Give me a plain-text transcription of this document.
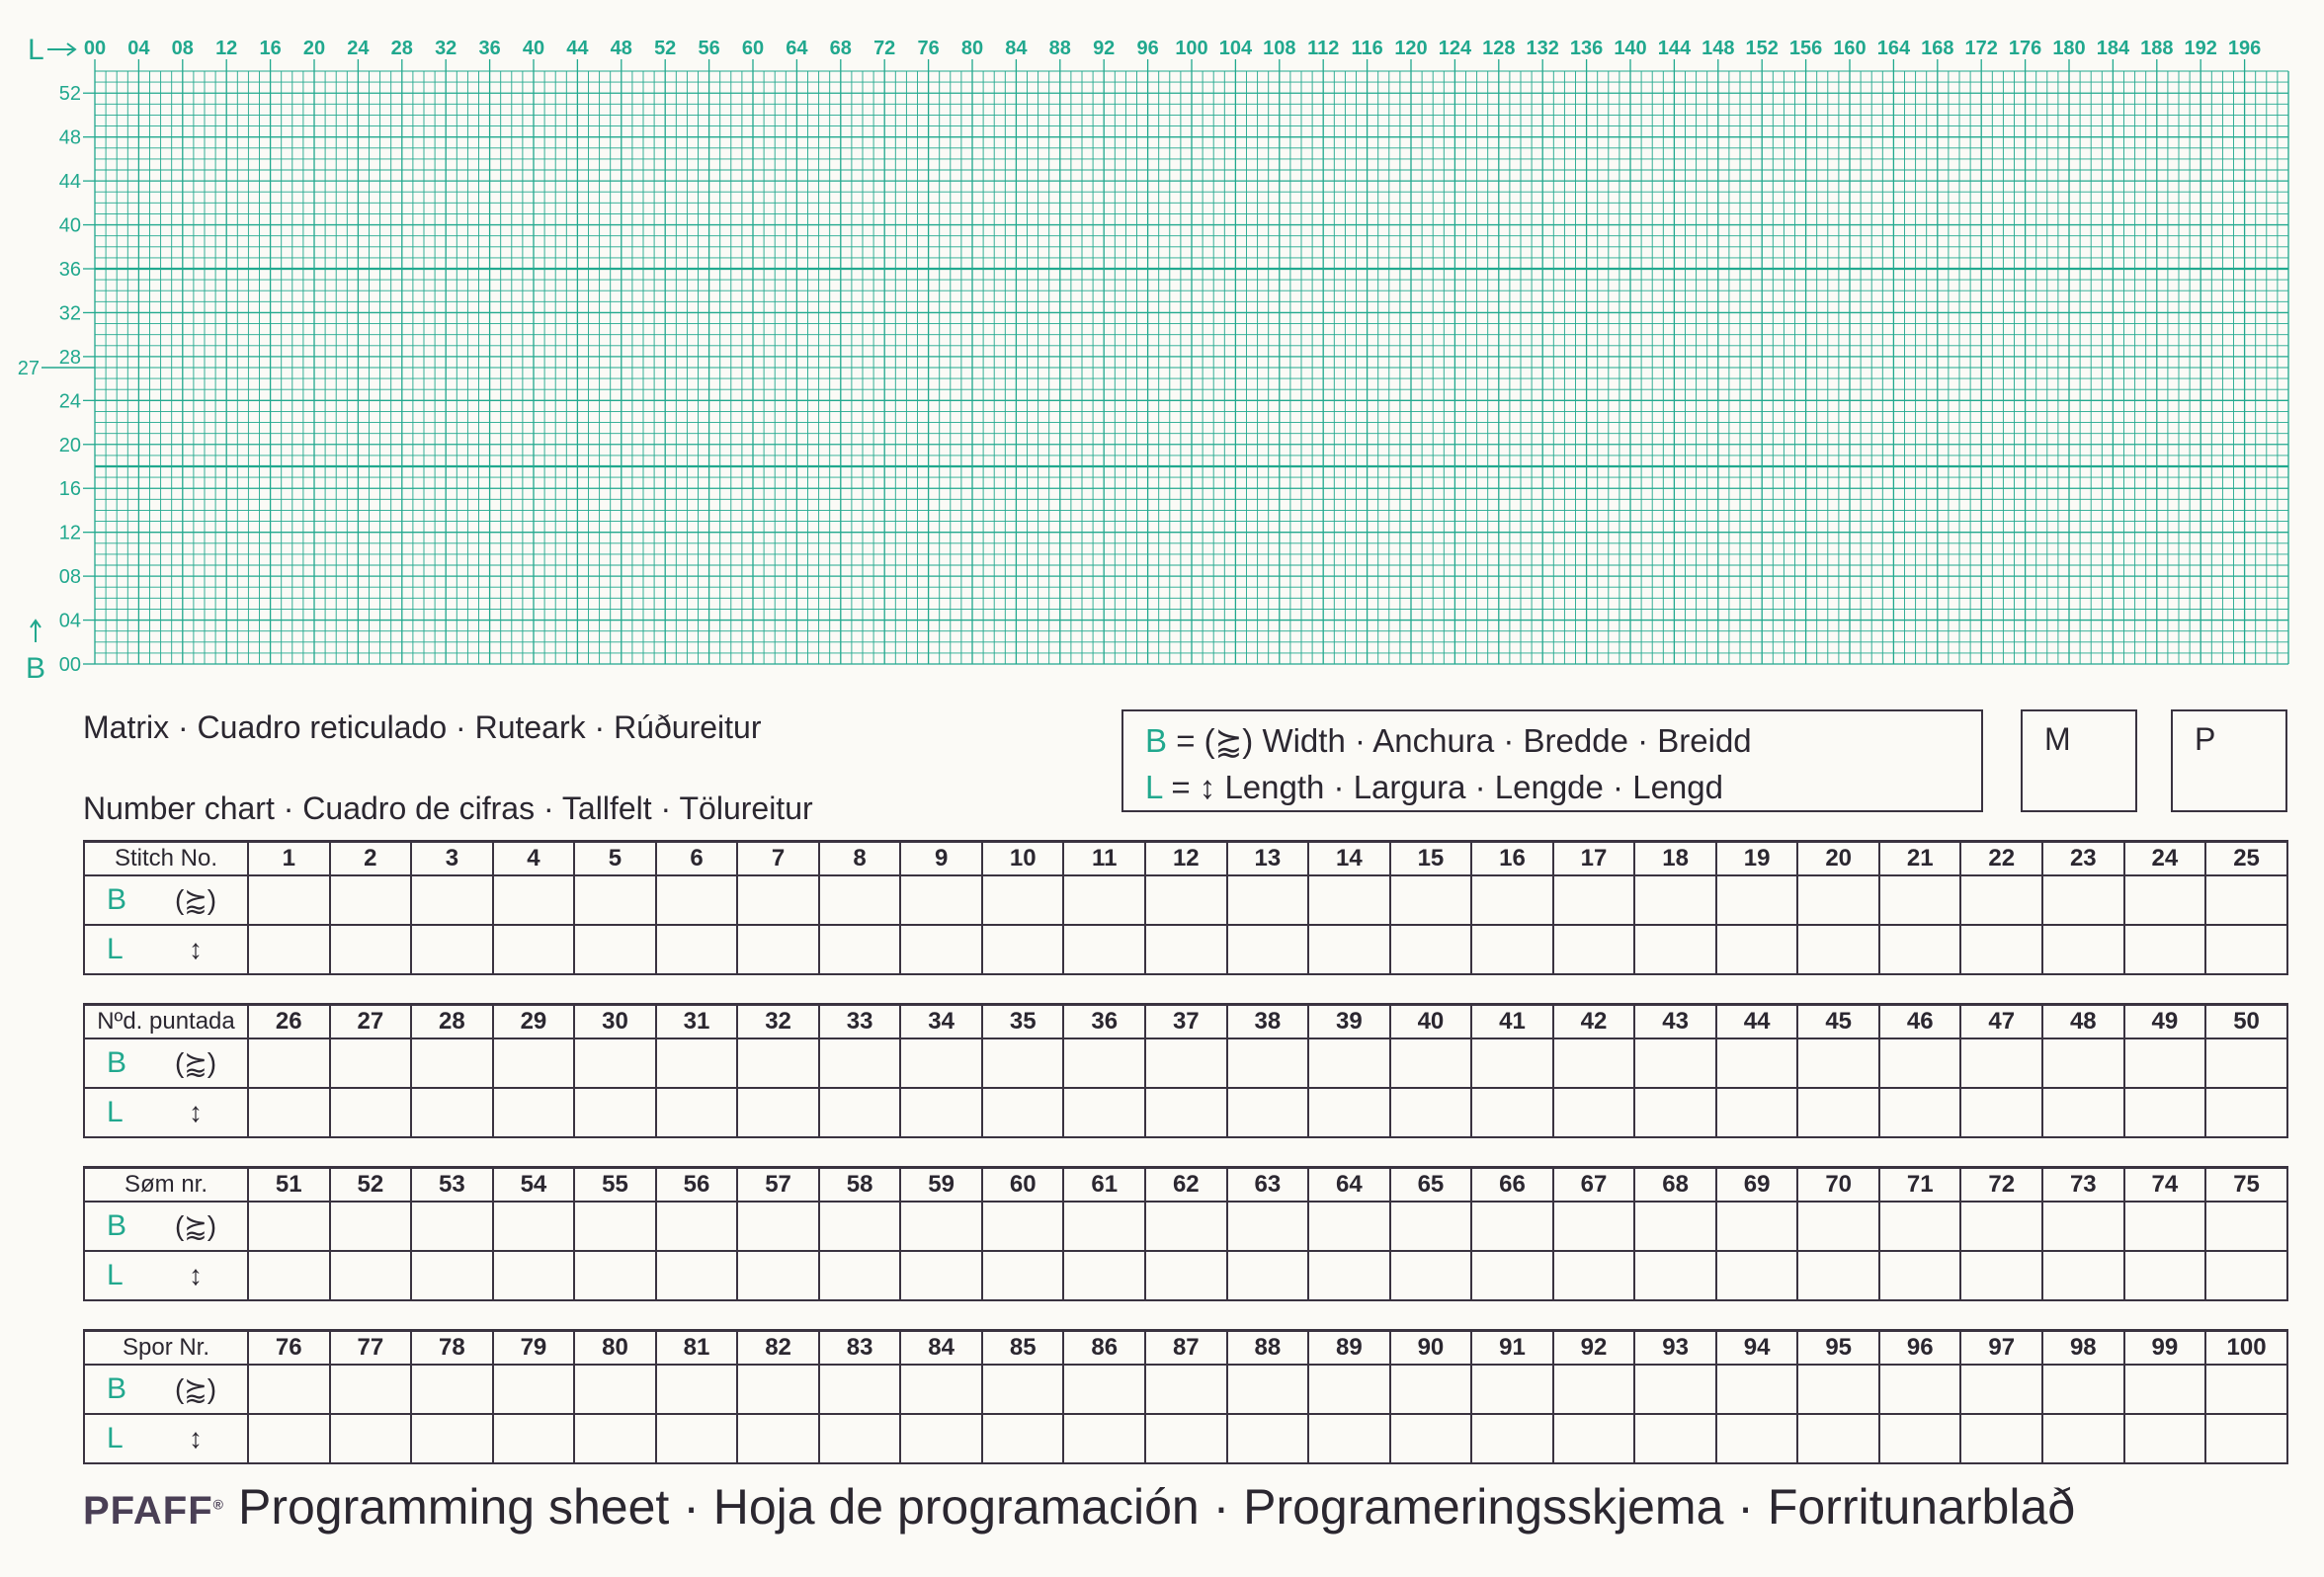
00 04 08 12 16 20 24 28 32 36 40 44 48 52 56 60 64 68 72 76 80 84 88 92 96 100 104 108 112 116 120 124 128 132 136 140 144 148 152 156 160 164 168 172 176 180 184 188 192 196
52
48
44
40
36
32
28
24
20
16
12
08
04
00
27
L
B
Matrix · Cuadro reticulado · Ruteark · Rúðureitur
Number chart · Cuadro de cifras · Tallfelt · Tölureitur
B = (⪸) Width · Anchura · Bredde · Breidd
L = ↕ Length · Largura · Lengde · Lengd
M	P
Stitch No.	1	2	3	4	5	6	7	8	9	10	11	12	13	14	15	16	17	18	19	20	21	22	23	24	25
B (⪸)																									
L ↕																									
Nºd. puntada	26	27	28	29	30	31	32	33	34	35	36	37	38	39	40	41	42	43	44	45	46	47	48	49	50
B (⪸)																									
L ↕																									
Søm nr.	51	52	53	54	55	56	57	58	59	60	61	62	63	64	65	66	67	68	69	70	71	72	73	74	75
B (⪸)																									
L ↕																									
Spor Nr.	76	77	78	79	80	81	82	83	84	85	86	87	88	89	90	91	92	93	94	95	96	97	98	99	100
B (⪸)																									
L ↕																									
PFAFF® Programming sheet · Hoja de programación · Programeringsskjema · Forritunarblað
